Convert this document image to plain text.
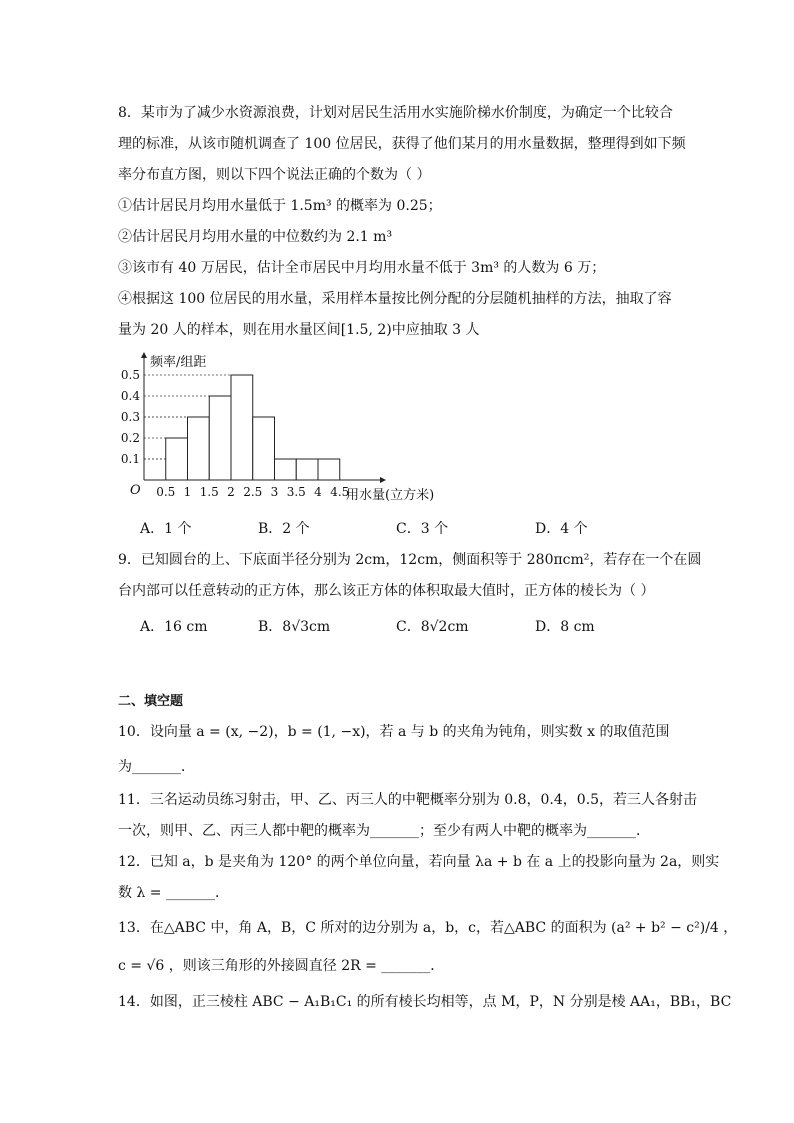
8．某市为了减少水资源浪费，计划对居民生活用水实施阶梯水价制度，为确定一个比较合
理的标准，从该市随机调查了 100 位居民，获得了他们某月的用水量数据，整理得到如下频
率分布直方图，则以下四个说法正确的个数为（ ）
①估计居民月均用水量低于 1.5m³ 的概率为 0.25；
②估计居民月均用水量的中位数约为 2.1 m³
③该市有 40 万居民，估计全市居民中月均用水量不低于 3m³ 的人数为 6 万；
④根据这 100 位居民的用水量，采用样本量按比例分配的分层随机抽样的方法，抽取了容
量为 20 人的样本，则在用水量区间[1.5, 2)中应抽取 3 人
0.1
0.2
0.3
0.4
0.5
0.5 1 1.5 2 2.5 3 3.5 4 4.5
O
频率/组距
用水量(立方米)
A．1 个	B．2 个	C．3 个	D．4 个
9．已知圆台的上、下底面半径分别为 2cm，12cm，侧面积等于 280πcm²，若存在一个在圆
台内部可以任意转动的正方体，那么该正方体的体积取最大值时，正方体的棱长为（ ）
A．16 cm	B．8√3cm	C．8√2cm	D．8 cm
二、填空题
10．设向量 a = (x, −2)，b = (1, −x)，若 a 与 b 的夹角为钝角，则实数 x 的取值范围
为_______．
11．三名运动员练习射击，甲、乙、丙三人的中靶概率分别为 0.8，0.4，0.5，若三人各射击
一次，则甲、乙、丙三人都中靶的概率为_______；至少有两人中靶的概率为_______．
12．已知 a，b 是夹角为 120° 的两个单位向量，若向量 λa + b 在 a 上的投影向量为 2a，则实
数 λ = _______．
13．在△ABC 中，角 A，B，C 所对的边分别为 a，b，c，若△ABC 的面积为 (a² + b² − c²)/4 ，
c = √6 ，则该三角形的外接圆直径 2R = _______．
14．如图，正三棱柱 ABC − A₁B₁C₁ 的所有棱长均相等，点 M，P，N 分别是棱 AA₁，BB₁，BC
